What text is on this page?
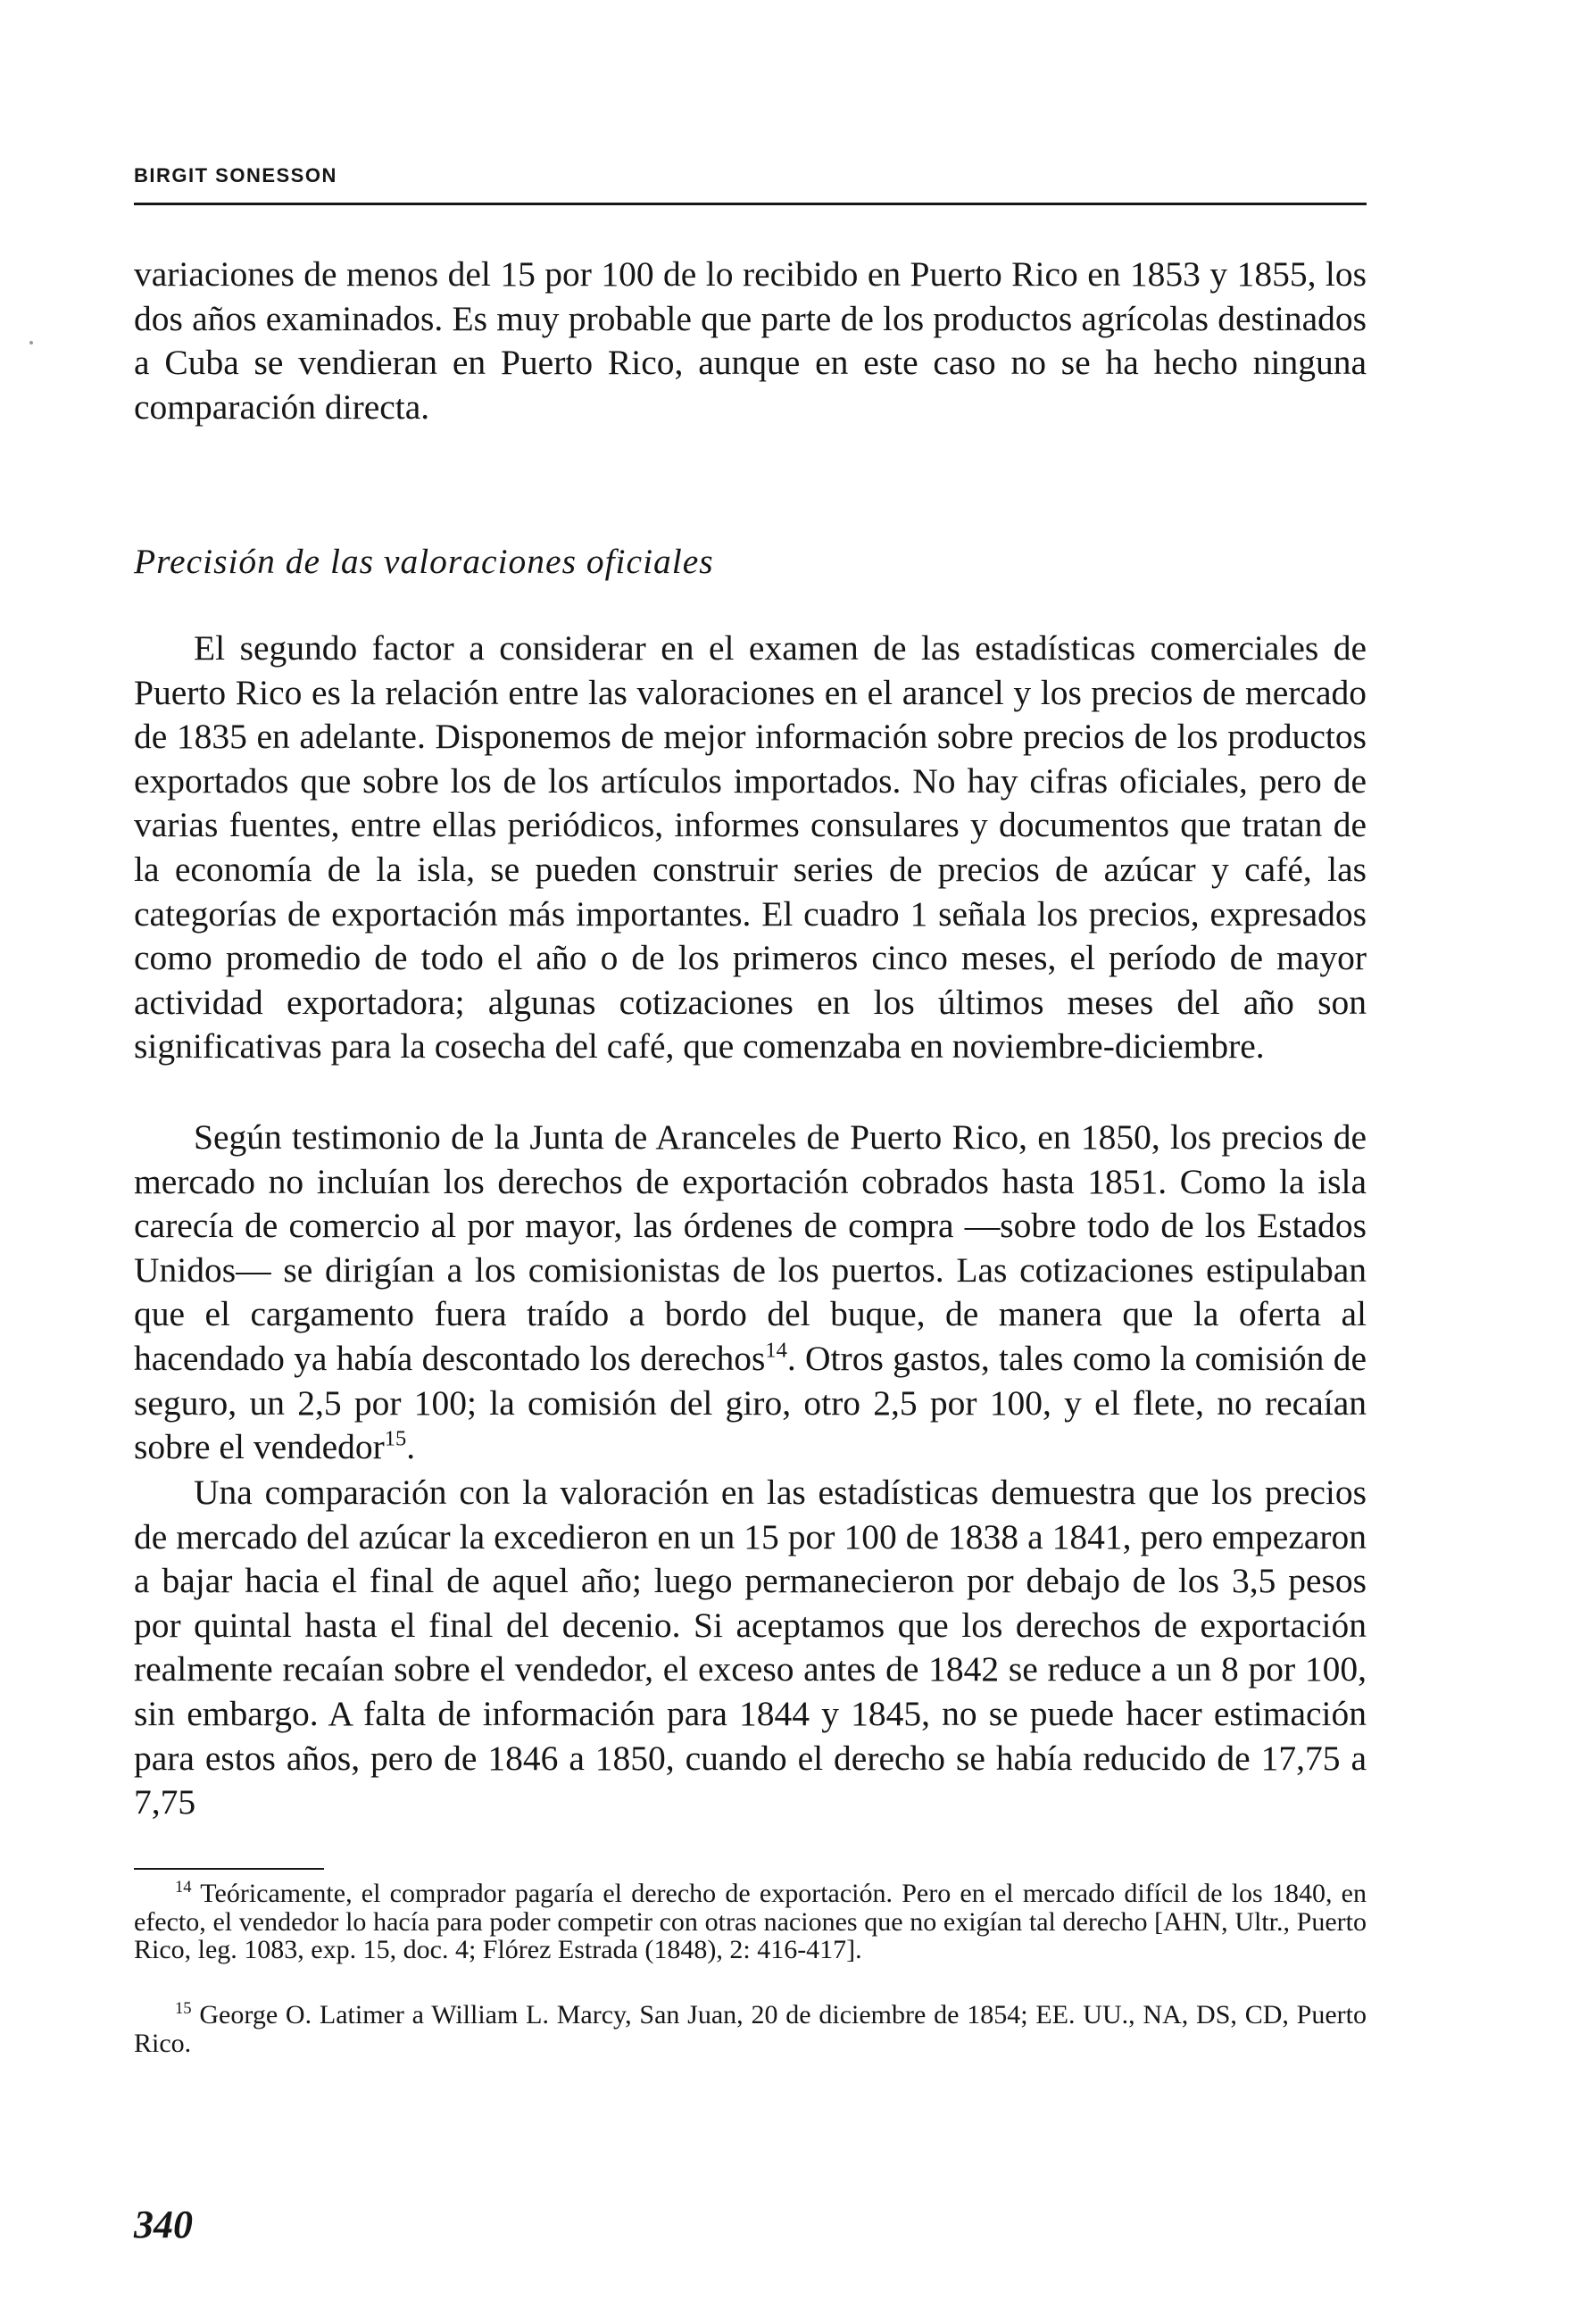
BIRGIT SONESSON

variaciones de menos del 15 por 100 de lo recibido en Puerto Rico en 1853 y 1855, los dos años examinados. Es muy probable que parte de los productos agrícolas destinados a Cuba se vendieran en Puerto Rico, aunque en este caso no se ha hecho ninguna comparación directa.

Precisión de las valoraciones oficiales

El segundo factor a considerar en el examen de las estadísticas comerciales de Puerto Rico es la relación entre las valoraciones en el arancel y los precios de mercado de 1835 en adelante. Disponemos de mejor información sobre precios de los productos exportados que sobre los de los artículos importados. No hay cifras oficiales, pero de varias fuentes, entre ellas periódicos, informes consulares y documentos que tratan de la economía de la isla, se pueden construir series de precios de azúcar y café, las categorías de exportación más importantes. El cuadro 1 señala los precios, expresados como promedio de todo el año o de los primeros cinco meses, el período de mayor actividad exportadora; algunas cotizaciones en los últimos meses del año son significativas para la cosecha del café, que comenzaba en noviembre-diciembre.

Según testimonio de la Junta de Aranceles de Puerto Rico, en 1850, los precios de mercado no incluían los derechos de exportación cobrados hasta 1851. Como la isla carecía de comercio al por mayor, las órdenes de compra —sobre todo de los Estados Unidos— se dirigían a los comisionistas de los puertos. Las cotizaciones estipulaban que el cargamento fuera traído a bordo del buque, de manera que la oferta al hacendado ya había descontado los derechos$^{14}$. Otros gastos, tales como la comisión de seguro, un 2,5 por 100; la comisión del giro, otro 2,5 por 100, y el flete, no recaían sobre el vendedor$^{15}$.

Una comparación con la valoración en las estadísticas demuestra que los precios de mercado del azúcar la excedieron en un 15 por 100 de 1838 a 1841, pero empezaron a bajar hacia el final de aquel año; luego permanecieron por debajo de los 3,5 pesos por quintal hasta el final del decenio. Si aceptamos que los derechos de exportación realmente recaían sobre el vendedor, el exceso antes de 1842 se reduce a un 8 por 100, sin embargo. A falta de información para 1844 y 1845, no se puede hacer estimación para estos años, pero de 1846 a 1850, cuando el derecho se había reducido de 17,75 a 7,75

$^{14}$ Teóricamente, el comprador pagaría el derecho de exportación. Pero en el mercado difícil de los 1840, en efecto, el vendedor lo hacía para poder competir con otras naciones que no exigían tal derecho [AHN, Ultr., Puerto Rico, leg. 1083, exp. 15, doc. 4; Flórez Estrada (1848), 2: 416-417].

$^{15}$ George O. Latimer a William L. Marcy, San Juan, 20 de diciembre de 1854; EE. UU., NA, DS, CD, Puerto Rico.

340
